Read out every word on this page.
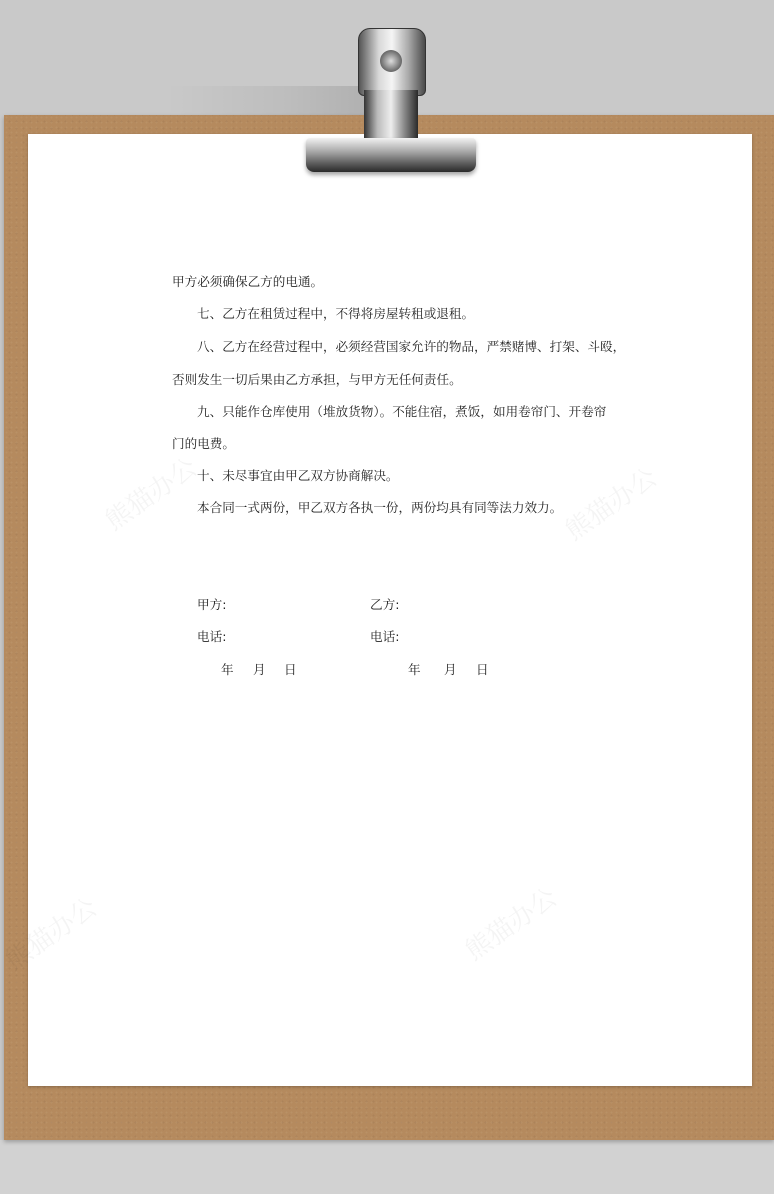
甲方必须确保乙方的电通。
七、乙方在租赁过程中，不得将房屋转租或退租。
八、乙方在经营过程中，必须经营国家允许的物品，严禁赌博、打架、斗殴，
否则发生一切后果由乙方承担，与甲方无任何责任。
九、只能作仓库使用（堆放货物）。不能住宿，煮饭，如用卷帘门、开卷帘
门的电费。
十、未尽事宜由甲乙双方协商解决。
本合同一式两份，甲乙双方各执一份，两份均具有同等法力效力。
甲方:	乙方:
电话:	电话:
年 月 日	年 月 日
